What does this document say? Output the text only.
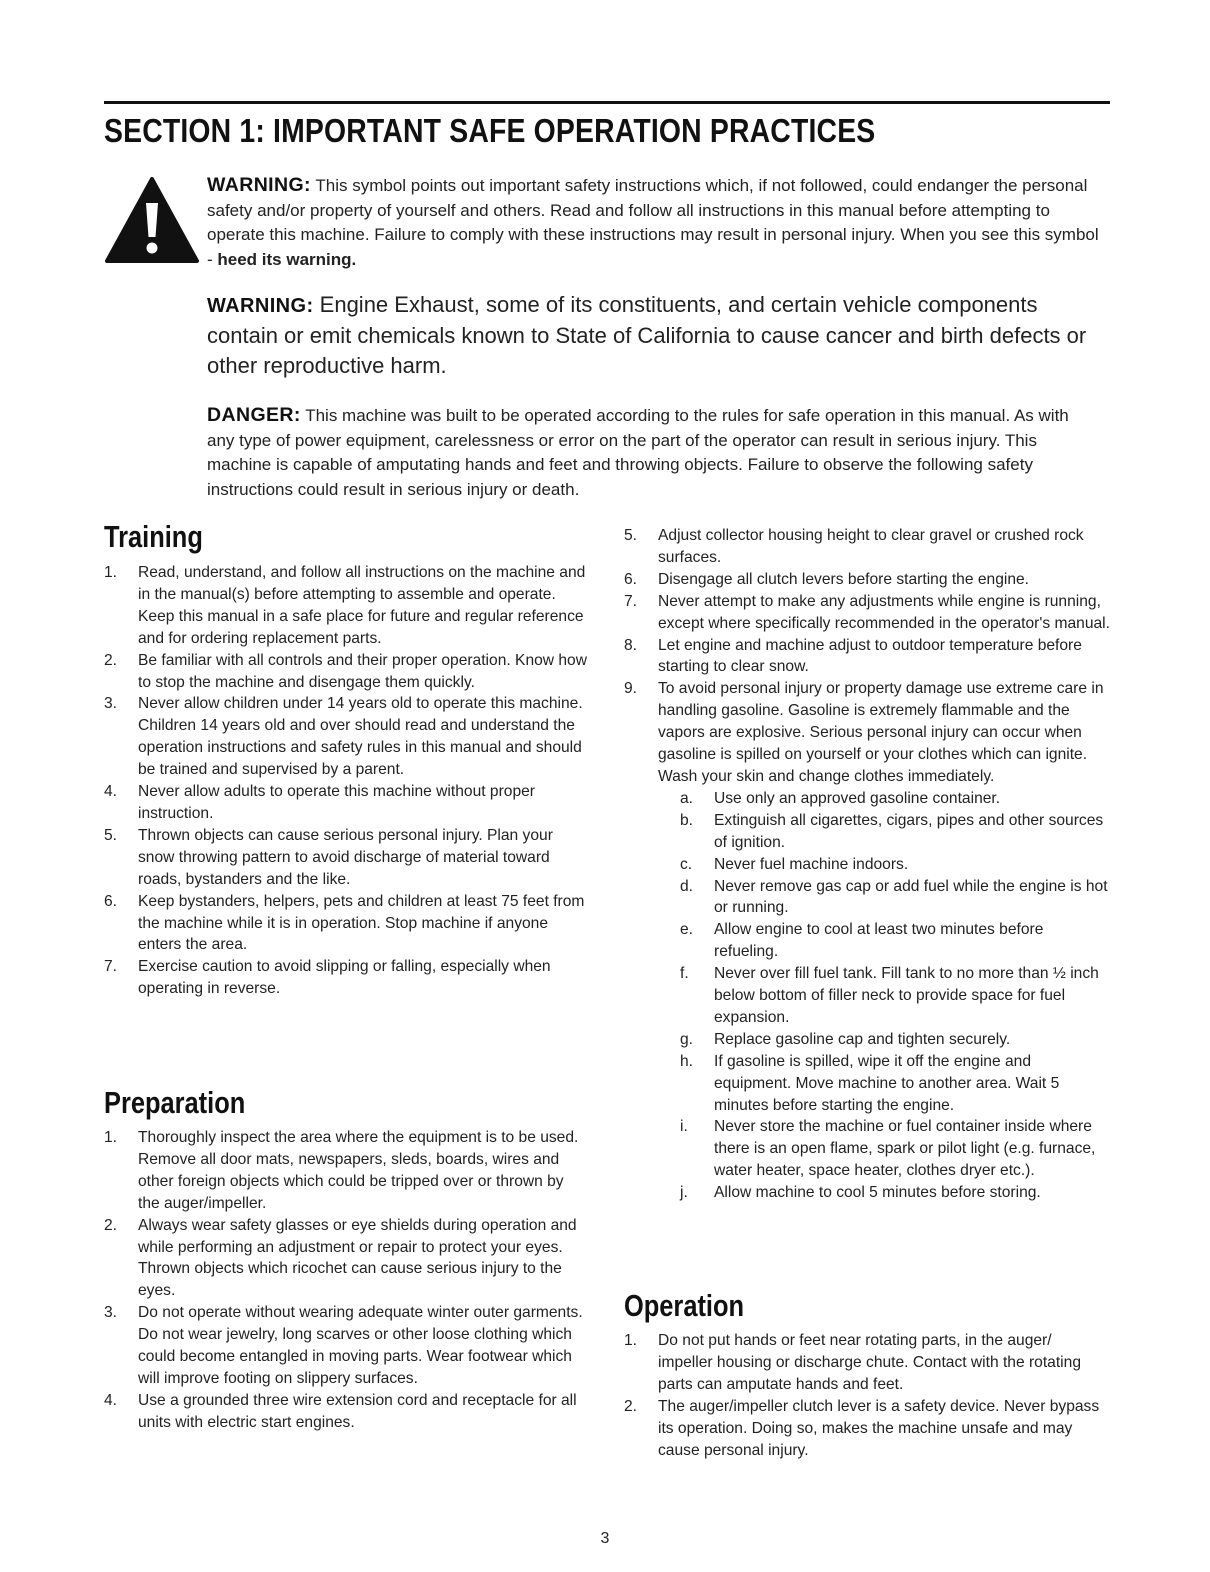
SECTION 1: IMPORTANT SAFE OPERATION PRACTICES

WARNING: This symbol points out important safety instructions which, if not followed, could endanger the personal safety and/or property of yourself and others. Read and follow all instructions in this manual before attempting to operate this machine. Failure to comply with these instructions may result in personal injury. When you see this symbol - heed its warning.

WARNING: Engine Exhaust, some of its constituents, and certain vehicle components contain or emit chemicals known to State of California to cause cancer and birth defects or other reproductive harm.

DANGER: This machine was built to be operated according to the rules for safe operation in this manual. As with any type of power equipment, carelessness or error on the part of the operator can result in serious injury. This machine is capable of amputating hands and feet and throwing objects. Failure to observe the following safety instructions could result in serious injury or death.

Training
1. Read, understand, and follow all instructions on the machine and in the manual(s) before attempting to assemble and operate. Keep this manual in a safe place for future and regular reference and for ordering replacement parts.
2. Be familiar with all controls and their proper operation. Know how to stop the machine and disengage them quickly.
3. Never allow children under 14 years old to operate this machine. Children 14 years old and over should read and understand the operation instructions and safety rules in this manual and should be trained and supervised by a parent.
4. Never allow adults to operate this machine without proper instruction.
5. Thrown objects can cause serious personal injury. Plan your snow throwing pattern to avoid discharge of material toward roads, bystanders and the like.
6. Keep bystanders, helpers, pets and children at least 75 feet from the machine while it is in operation. Stop machine if anyone enters the area.
7. Exercise caution to avoid slipping or falling, especially when operating in reverse.
Preparation
1. Thoroughly inspect the area where the equipment is to be used. Remove all door mats, newspapers, sleds, boards, wires and other foreign objects which could be tripped over or thrown by the auger/impeller.
2. Always wear safety glasses or eye shields during operation and while performing an adjustment or repair to protect your eyes. Thrown objects which ricochet can cause serious injury to the eyes.
3. Do not operate without wearing adequate winter outer garments. Do not wear jewelry, long scarves or other loose clothing which could become entangled in moving parts. Wear footwear which will improve footing on slippery surfaces.
4. Use a grounded three wire extension cord and receptacle for all units with electric start engines.
5. Adjust collector housing height to clear gravel or crushed rock surfaces.
6. Disengage all clutch levers before starting the engine.
7. Never attempt to make any adjustments while engine is running, except where specifically recommended in the operator's manual.
8. Let engine and machine adjust to outdoor temperature before starting to clear snow.
9. To avoid personal injury or property damage use extreme care in handling gasoline. Gasoline is extremely flammable and the vapors are explosive. Serious personal injury can occur when gasoline is spilled on yourself or your clothes which can ignite. Wash your skin and change clothes immediately.
a. Use only an approved gasoline container.
b. Extinguish all cigarettes, cigars, pipes and other sources of ignition.
c. Never fuel machine indoors.
d. Never remove gas cap or add fuel while the engine is hot or running.
e. Allow engine to cool at least two minutes before refueling.
f. Never over fill fuel tank. Fill tank to no more than ½ inch below bottom of filler neck to provide space for fuel expansion.
g. Replace gasoline cap and tighten securely.
h. If gasoline is spilled, wipe it off the engine and equipment. Move machine to another area. Wait 5 minutes before starting the engine.
i. Never store the machine or fuel container inside where there is an open flame, spark or pilot light (e.g. furnace, water heater, space heater, clothes dryer etc.).
j. Allow machine to cool 5 minutes before storing.
Operation
1. Do not put hands or feet near rotating parts, in the auger/ impeller housing or discharge chute. Contact with the rotating parts can amputate hands and feet.
2. The auger/impeller clutch lever is a safety device. Never bypass its operation. Doing so, makes the machine unsafe and may cause personal injury.
3
